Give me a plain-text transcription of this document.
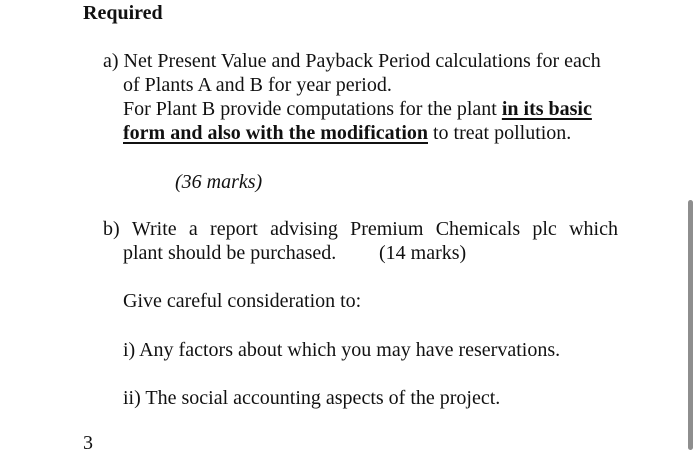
Required
a) Net Present Value and Payback Period calculations for each
of Plants A and B for year period.
For Plant B provide computations for the plant in its basic
form and also with the modification to treat pollution.
(36 marks)
b) Write a report advising Premium Chemicals plc which
plant should be purchased. (14 marks)
Give careful consideration to:
i) Any factors about which you may have reservations.
ii) The social accounting aspects of the project.
3
